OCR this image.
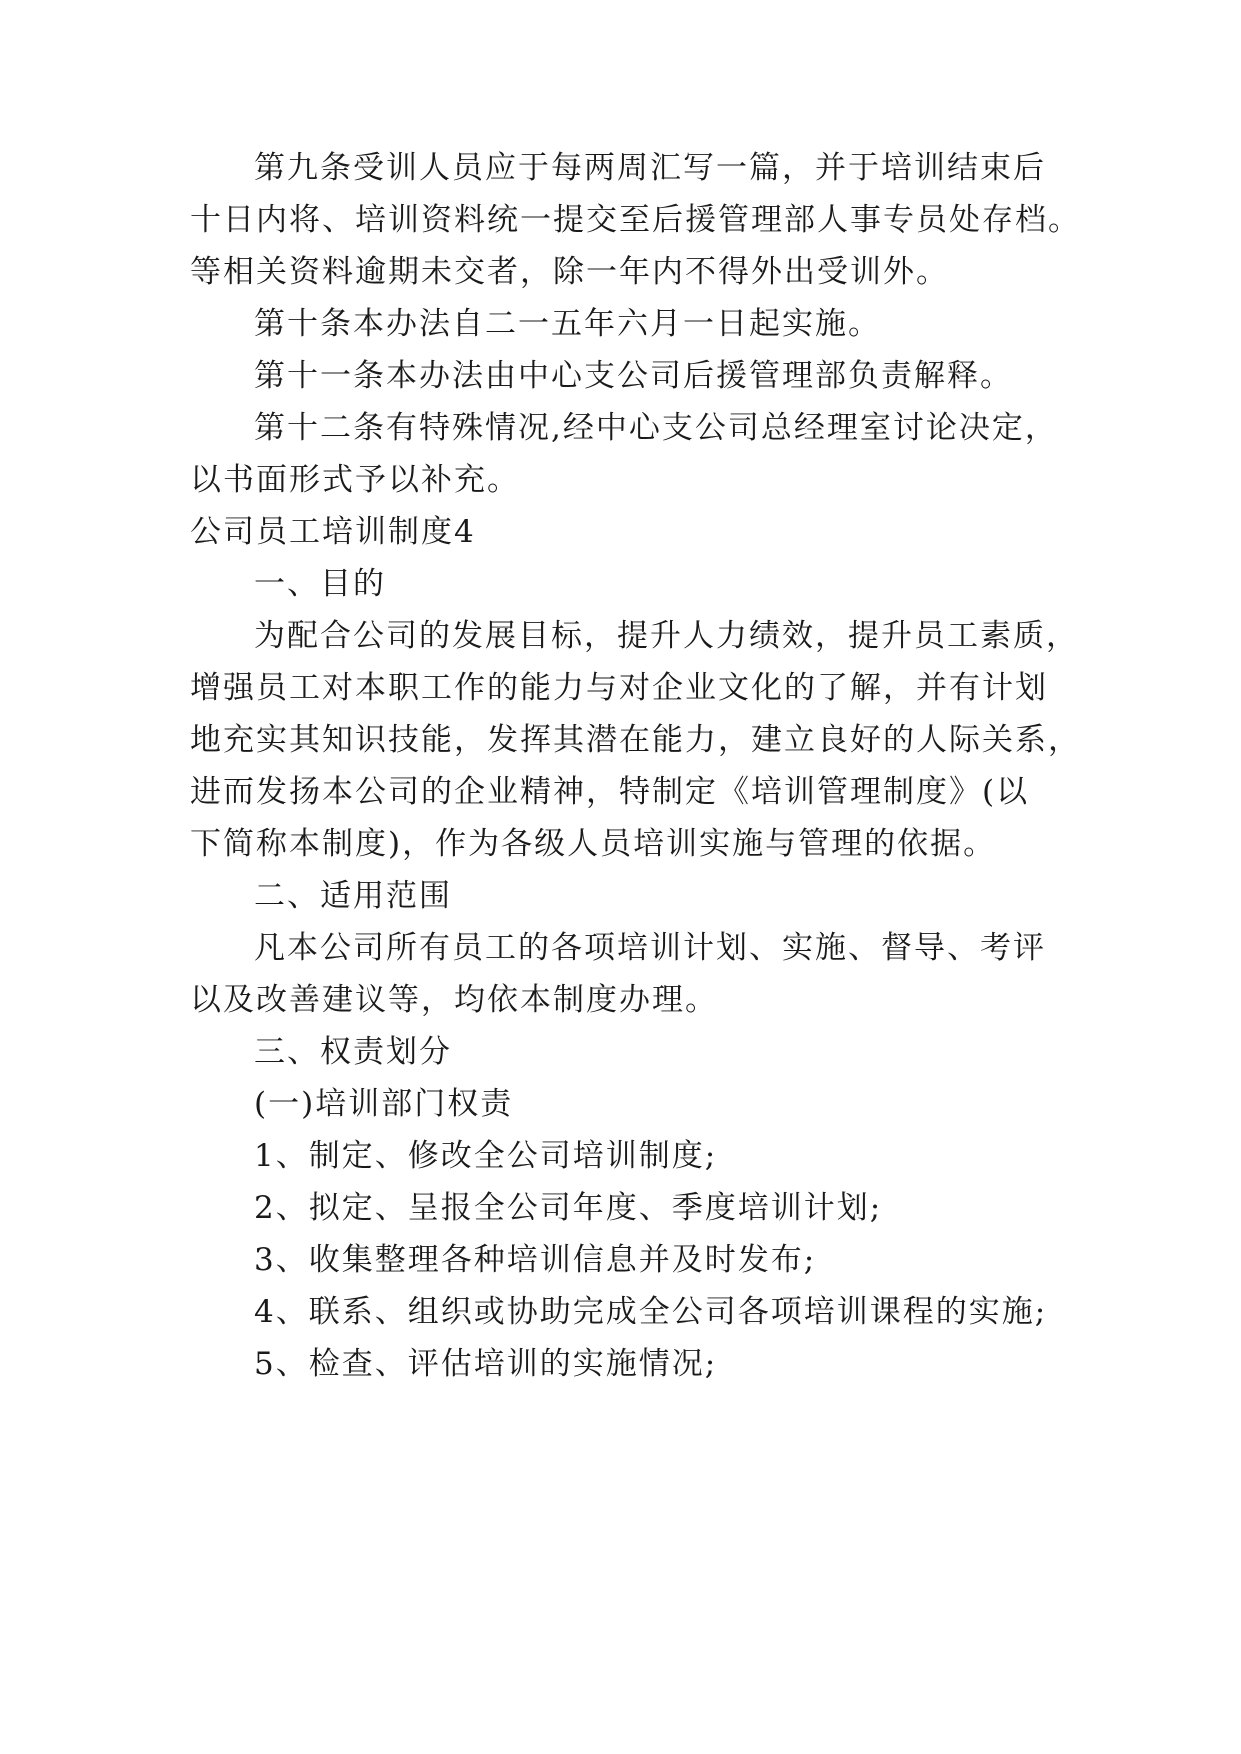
第九条受训人员应于每两周汇写一篇，并于培训结束后
十日内将、培训资料统一提交至后援管理部人事专员处存档。
等相关资料逾期未交者，除一年内不得外出受训外。
第十条本办法自二一五年六月一日起实施。
第十一条本办法由中心支公司后援管理部负责解释。
第十二条有特殊情况,经中心支公司总经理室讨论决定，
以书面形式予以补充。
公司员工培训制度4
一、目的
为配合公司的发展目标，提升人力绩效，提升员工素质，
增强员工对本职工作的能力与对企业文化的了解，并有计划
地充实其知识技能，发挥其潜在能力，建立良好的人际关系，
进而发扬本公司的企业精神，特制定《培训管理制度》(以
下简称本制度)，作为各级人员培训实施与管理的依据。
二、适用范围
凡本公司所有员工的各项培训计划、实施、督导、考评
以及改善建议等，均依本制度办理。
三、权责划分
(一)培训部门权责
1、制定、修改全公司培训制度;
2、拟定、呈报全公司年度、季度培训计划;
3、收集整理各种培训信息并及时发布;
4、联系、组织或协助完成全公司各项培训课程的实施;
5、检查、评估培训的实施情况;
